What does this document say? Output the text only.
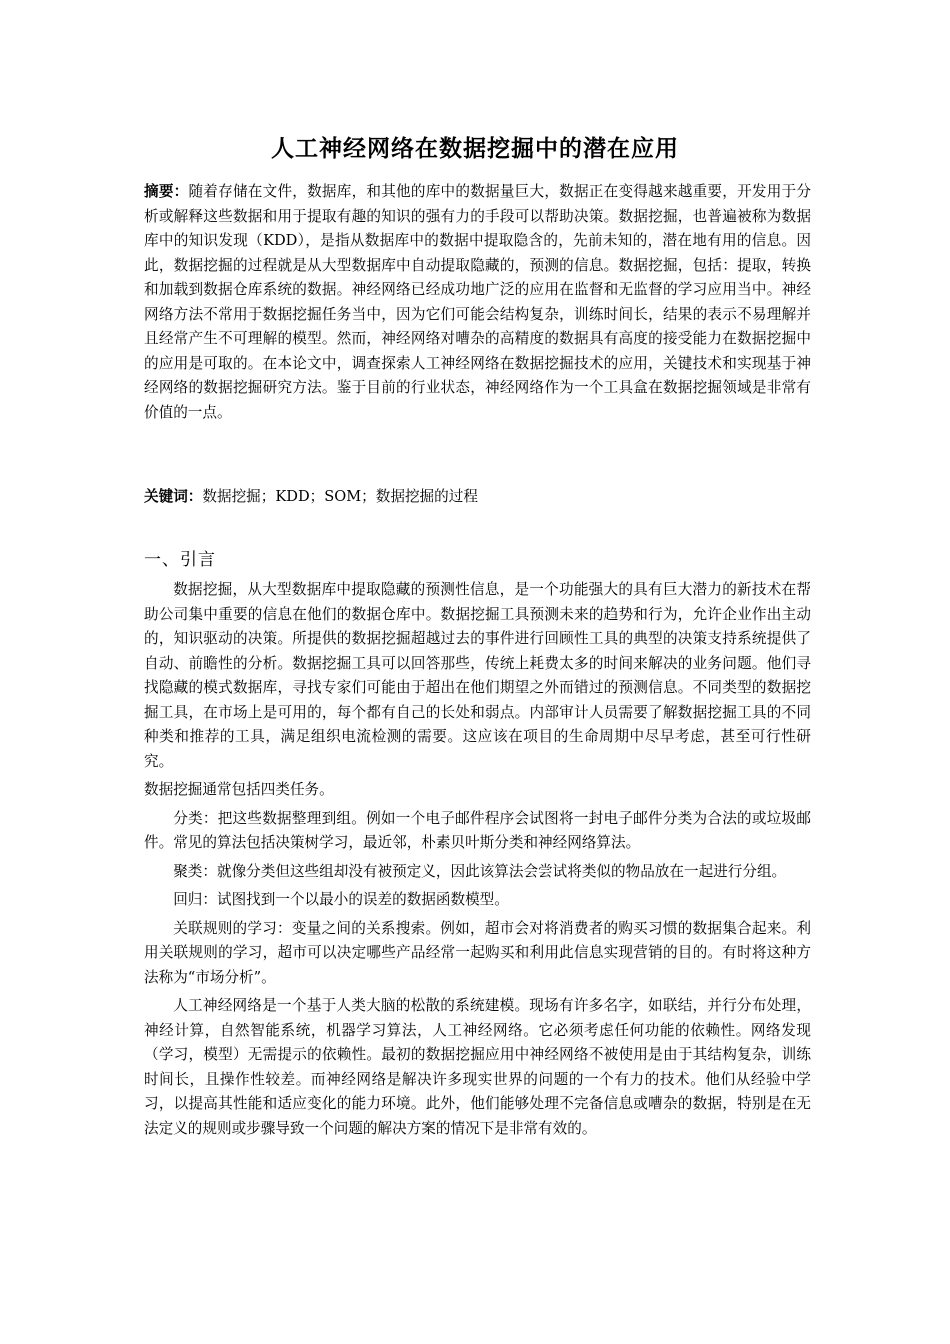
人工神经网络在数据挖掘中的潜在应用

摘要：随着存储在文件，数据库，和其他的库中的数据量巨大，数据正在变得越来越重要，开发用于分析或解释这些数据和用于提取有趣的知识的强有力的手段可以帮助决策。数据挖掘，也普遍被称为数据库中的知识发现（KDD），是指从数据库中的数据中提取隐含的，先前未知的，潜在地有用的信息。因此，数据挖掘的过程就是从大型数据库中自动提取隐藏的，预测的信息。数据挖掘，包括：提取，转换和加载到数据仓库系统的数据。神经网络已经成功地广泛的应用在监督和无监督的学习应用当中。神经网络方法不常用于数据挖掘任务当中，因为它们可能会结构复杂，训练时间长，结果的表示不易理解并且经常产生不可理解的模型。然而，神经网络对嘈杂的高精度的数据具有高度的接受能力在数据挖掘中的应用是可取的。在本论文中，调查探索人工神经网络在数据挖掘技术的应用，关键技术和实现基于神经网络的数据挖掘研究方法。鉴于目前的行业状态，神经网络作为一个工具盒在数据挖掘领域是非常有价值的一点。

关键词：数据挖掘；KDD；SOM；数据挖掘的过程

一、引言

数据挖掘，从大型数据库中提取隐藏的预测性信息，是一个功能强大的具有巨大潜力的新技术在帮助公司集中重要的信息在他们的数据仓库中。数据挖掘工具预测未来的趋势和行为，允许企业作出主动的，知识驱动的决策。所提供的数据挖掘超越过去的事件进行回顾性工具的典型的决策支持系统提供了自动、前瞻性的分析。数据挖掘工具可以回答那些，传统上耗费太多的时间来解决的业务问题。他们寻找隐藏的模式数据库，寻找专家们可能由于超出在他们期望之外而错过的预测信息。不同类型的数据挖掘工具，在市场上是可用的，每个都有自己的长处和弱点。内部审计人员需要了解数据挖掘工具的不同种类和推荐的工具，满足组织电流检测的需要。这应该在项目的生命周期中尽早考虑，甚至可行性研究。

数据挖掘通常包括四类任务。

分类：把这些数据整理到组。例如一个电子邮件程序会试图将一封电子邮件分类为合法的或垃圾邮件。常见的算法包括决策树学习，最近邻，朴素贝叶斯分类和神经网络算法。

聚类：就像分类但这些组却没有被预定义，因此该算法会尝试将类似的物品放在一起进行分组。

回归：试图找到一个以最小的误差的数据函数模型。

关联规则的学习：变量之间的关系搜索。例如，超市会对将消费者的购买习惯的数据集合起来。利用关联规则的学习，超市可以决定哪些产品经常一起购买和利用此信息实现营销的目的。有时将这种方法称为“市场分析”。

人工神经网络是一个基于人类大脑的松散的系统建模。现场有许多名字，如联结，并行分布处理，神经计算，自然智能系统，机器学习算法，人工神经网络。它必须考虑任何功能的依赖性。网络发现（学习，模型）无需提示的依赖性。最初的数据挖掘应用中神经网络不被使用是由于其结构复杂，训练时间长，且操作性较差。而神经网络是解决许多现实世界的问题的一个有力的技术。他们从经验中学习，以提高其性能和适应变化的能力环境。此外，他们能够处理不完备信息或嘈杂的数据，特别是在无法定义的规则或步骤导致一个问题的解决方案的情况下是非常有效的。
